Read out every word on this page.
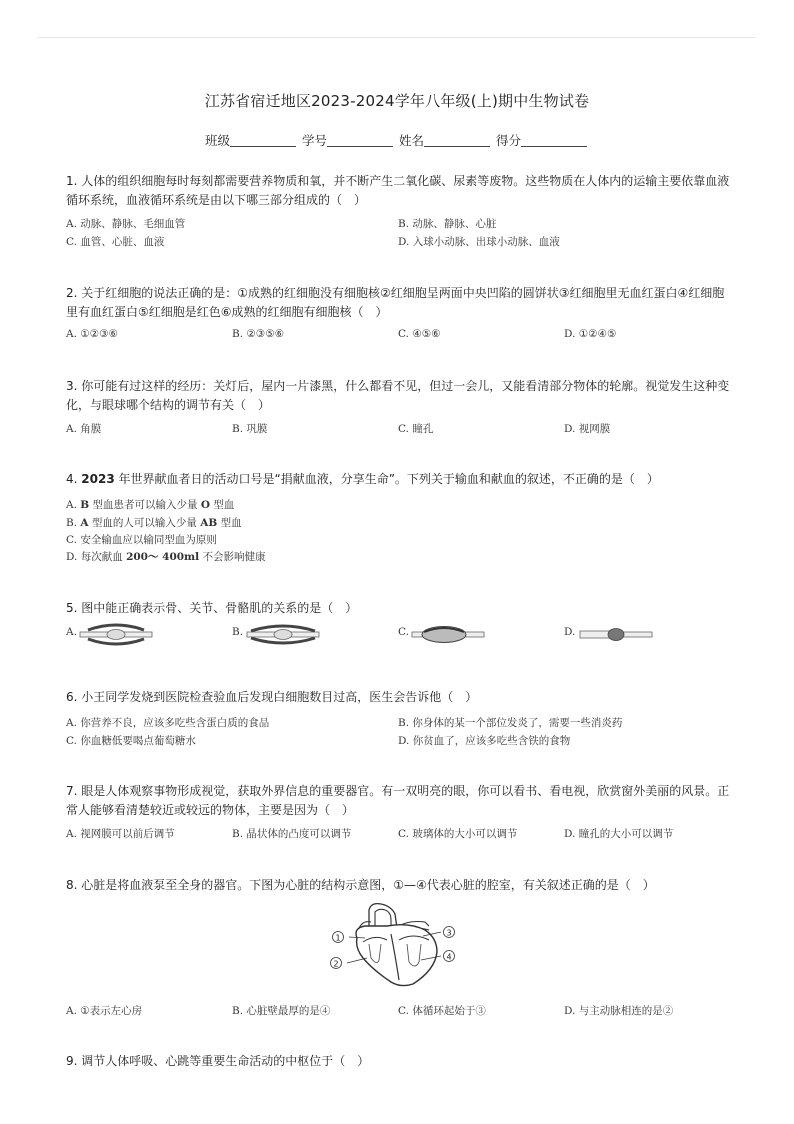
江苏省宿迁地区2023-2024学年八年级(上)期中生物试卷
班级	学号	姓名	得分

1. 人体的组织细胞每时每刻都需要营养物质和氧，并不断产生二氧化碳、尿素等废物。这些物质在人体内的运输主要依靠血液循环系统，血液循环系统是由以下哪三部分组成的（　）

A. 动脉、静脉、毛细血管	B. 动脉、静脉、心脏
C. 血管、心脏、血液	D. 入球小动脉、出球小动脉、血液

2. 关于红细胞的说法正确的是：①成熟的红细胞没有细胞核②红细胞呈两面中央凹陷的圆饼状③红细胞里无血红蛋白④红细胞里有血红蛋白⑤红细胞是红色⑥成熟的红细胞有细胞核（　）

A. ①②③⑥	B. ②③⑤⑥	C. ④⑤⑥	D. ①②④⑤

3. 你可能有过这样的经历：关灯后，屋内一片漆黑，什么都看不见，但过一会儿，又能看清部分物体的轮廓。视觉发生这种变化，与眼球哪个结构的调节有关（　）

A. 角膜	B. 巩膜	C. 瞳孔	D. 视网膜

4. 2023 年世界献血者日的活动口号是“捐献血液，分享生命”。下列关于输血和献血的叙述，不正确的是（　）

A. B 型血患者可以输入少量 O 型血
B. A 型血的人可以输入少量 AB 型血
C. 安全输血应以输同型血为原则
D. 每次献血 200～ 400ml 不会影响健康

5. 图中能正确表示骨、关节、骨骼肌的关系的是（　）

A.	B.	C.	D.

6. 小王同学发烧到医院检查验血后发现白细胞数目过高，医生会告诉他（　）

A. 你营养不良，应该多吃些含蛋白质的食品	B. 你身体的某一个部位发炎了，需要一些消炎药
C. 你血糖低要喝点葡萄糖水	D. 你贫血了，应该多吃些含铁的食物

7. 眼是人体观察事物形成视觉，获取外界信息的重要器官。有一双明亮的眼，你可以看书、看电视，欣赏窗外美丽的风景。正常人能够看清楚较近或较远的物体，主要是因为（　）

A. 视网膜可以前后调节	B. 晶状体的凸度可以调节	C. 玻璃体的大小可以调节	D. 瞳孔的大小可以调节

8. 心脏是将血液泵至全身的器官。下图为心脏的结构示意图，①—④代表心脏的腔室，有关叙述正确的是（　）

1
2
3
4
A. ①表示左心房	B. 心脏壁最厚的是④	C. 体循环起始于③	D. 与主动脉相连的是②

9. 调节人体呼吸、心跳等重要生命活动的中枢位于（　）
